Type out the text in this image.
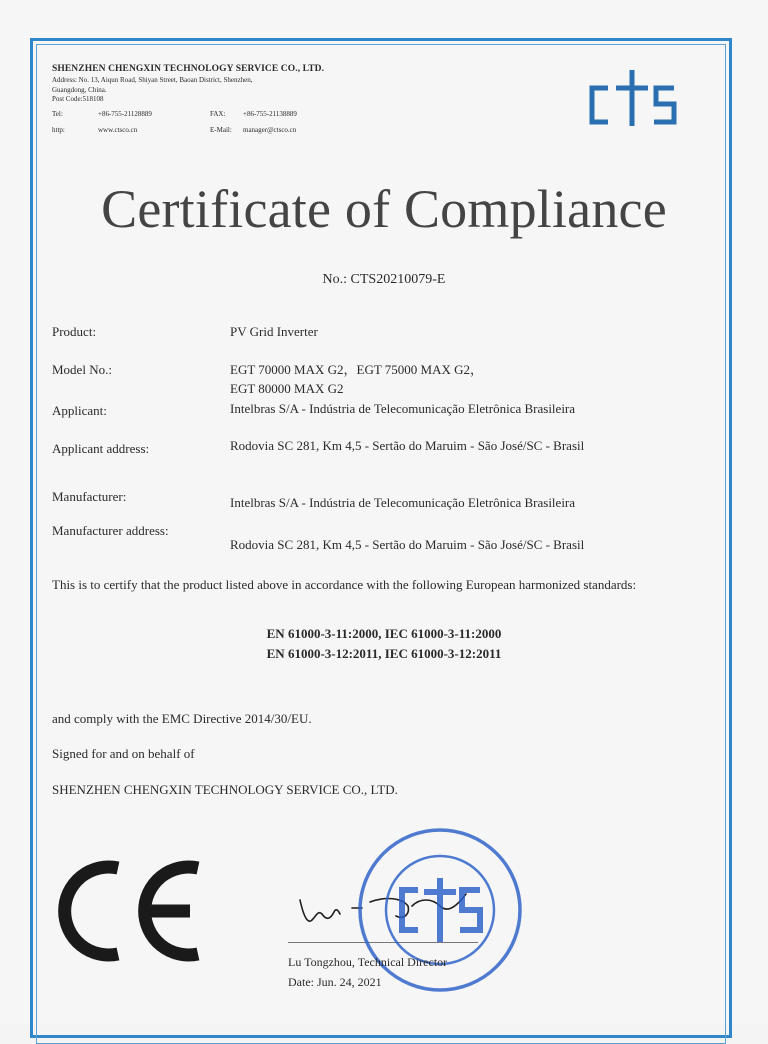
SHENZHEN CHENGXIN TECHNOLOGY SERVICE CO., LTD.
Address: No. 13, Aiqun Road, Shiyan Street, Baoan District, Shenzhen,
Guangdong, China.
Post Code:518108
Tel:	+86-755-21128889	FAX:	+86-755-21138889
http:	www.ctsco.cn	E-Mail:	manager@ctsco.cn
Certificate of Compliance
No.: CTS20210079-E
Product:	PV Grid Inverter
Model No.:	EGT 70000 MAX G2，EGT 75000 MAX G2，
EGT 80000 MAX G2
Applicant:	Intelbras S/A - Indústria de Telecomunicação Eletrônica Brasileira
Applicant address:	Rodovia SC 281, Km 4,5 - Sertão do Maruim - São José/SC - Brasil
Manufacturer:	Intelbras S/A - Indústria de Telecomunicação Eletrônica Brasileira
Manufacturer address:
Rodovia SC 281, Km 4,5 - Sertão do Maruim - São José/SC - Brasil
This is to certify that the product listed above in accordance with the following European harmonized standards:
EN 61000-3-11:2000, IEC 61000-3-11:2000
EN 61000-3-12:2011, IEC 61000-3-12:2011
and comply with the EMC Directive 2014/30/EU.
Signed for and on behalf of
SHENZHEN CHENGXIN TECHNOLOGY SERVICE CO., LTD.
Lu Tongzhou, Technical Director
Date: Jun. 24, 2021
